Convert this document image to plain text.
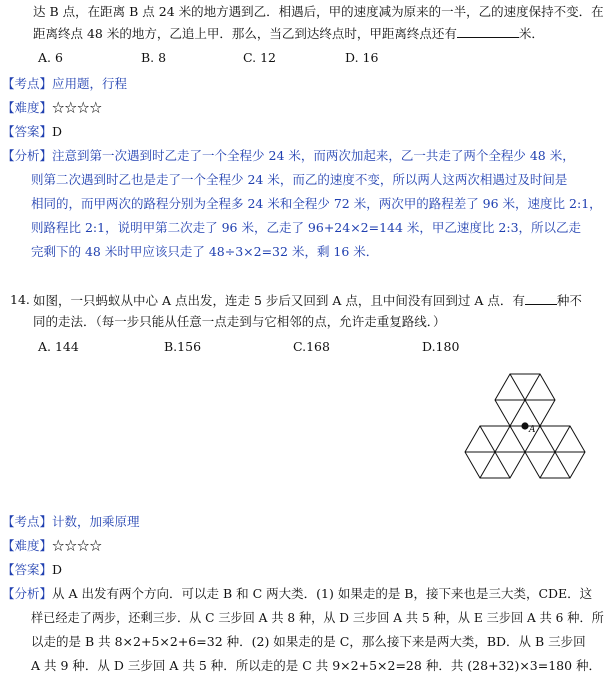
达 B 点，在距离 B 点 24 米的地方遇到乙．相遇后，甲的速度减为原来的一半，乙的速度保持不变．在
距离终点 48 米的地方，乙追上甲．那么，当乙到达终点时，甲距离终点还有	米．
A. 6	B. 8	C. 12	D. 16
【考点】应用题，行程
【难度】☆☆☆☆
【答案】D
【分析】注意到第一次遇到时乙走了一个全程少 24 米，而两次加起来，乙一共走了两个全程少 48 米，
则第二次遇到时乙也是走了一个全程少 24 米，而乙的速度不变，所以两人这两次相遇过及时间是
相同的，而甲两次的路程分别为全程多 24 米和全程少 72 米，两次甲的路程差了 96 米，速度比 2:1，
则路程比 2:1，说明甲第二次走了 96 米，乙走了 96+24×2=144 米，甲乙速度比 2:3，所以乙走
完剩下的 48 米时甲应该只走了 48÷3×2=32 米，剩 16 米．
14. 如图，一只蚂蚁从中心 A 点出发，连走 5 步后又回到 A 点，且中间没有回到过 A 点．有	种不
同的走法．（每一步只能从任意一点走到与它相邻的点，允许走重复路线．）
A. 144	B.156	C.168	D.180
A
【考点】计数，加乘原理
【难度】☆☆☆☆
【答案】D
【分析】从 A 出发有两个方向．可以走 B 和 C 两大类．(1) 如果走的是 B，接下来也是三大类，CDE．这
样已经走了两步，还剩三步．从 C 三步回 A 共 8 种，从 D 三步回 A 共 5 种，从 E 三步回 A 共 6 种．所
以走的是 B 共 8×2+5×2+6=32 种．(2) 如果走的是 C，那么接下来是两大类，BD．从 B 三步回
A 共 9 种．从 D 三步回 A 共 5 种．所以走的是 C 共 9×2+5×2=28 种．共 (28+32)×3=180 种．
